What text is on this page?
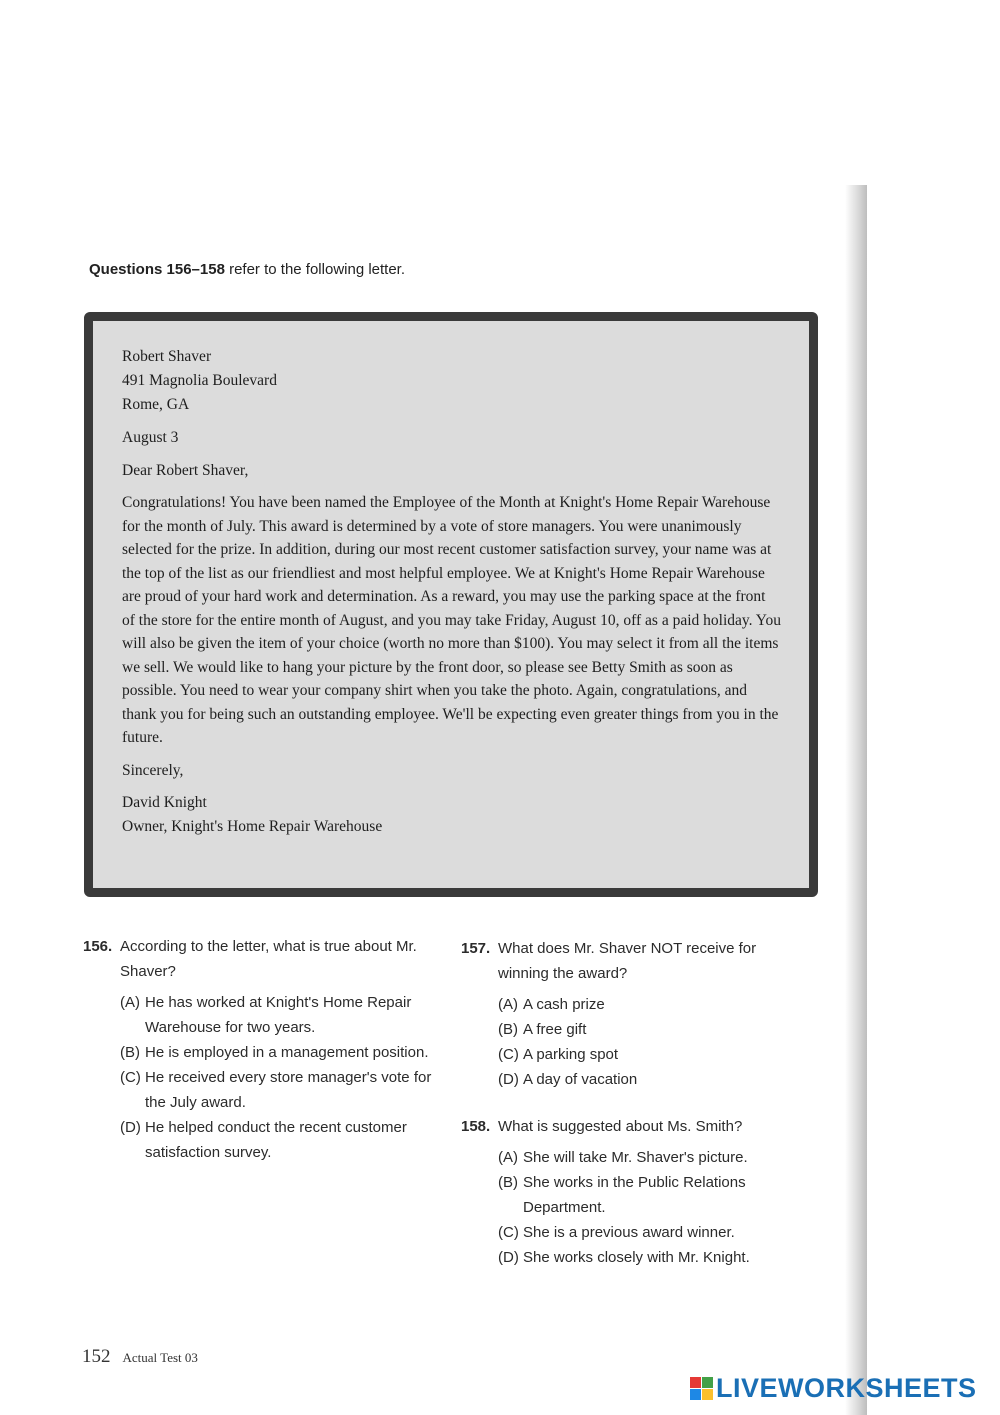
Questions 156–158 refer to the following letter.
Robert Shaver
491 Magnolia Boulevard
Rome, GA

August 3

Dear Robert Shaver,

Congratulations! You have been named the Employee of the Month at Knight's Home Repair Warehouse for the month of July. This award is determined by a vote of store managers. You were unanimously selected for the prize. In addition, during our most recent customer satisfaction survey, your name was at the top of the list as our friendliest and most helpful employee. We at Knight's Home Repair Warehouse are proud of your hard work and determination. As a reward, you may use the parking space at the front of the store for the entire month of August, and you may take Friday, August 10, off as a paid holiday. You will also be given the item of your choice (worth no more than $100). You may select it from all the items we sell. We would like to hang your picture by the front door, so please see Betty Smith as soon as possible. You need to wear your company shirt when you take the photo. Again, congratulations, and thank you for being such an outstanding employee. We'll be expecting even greater things from you in the future.

Sincerely,

David Knight
Owner, Knight's Home Repair Warehouse
156. According to the letter, what is true about Mr. Shaver?
(A) He has worked at Knight's Home Repair Warehouse for two years.
(B) He is employed in a management position.
(C) He received every store manager's vote for the July award.
(D) He helped conduct the recent customer satisfaction survey.
157. What does Mr. Shaver NOT receive for winning the award?
(A) A cash prize
(B) A free gift
(C) A parking spot
(D) A day of vacation
158. What is suggested about Ms. Smith?
(A) She will take Mr. Shaver's picture.
(B) She works in the Public Relations Department.
(C) She is a previous award winner.
(D) She works closely with Mr. Knight.
152 Actual Test 03
LIVEWORKSHEETS
